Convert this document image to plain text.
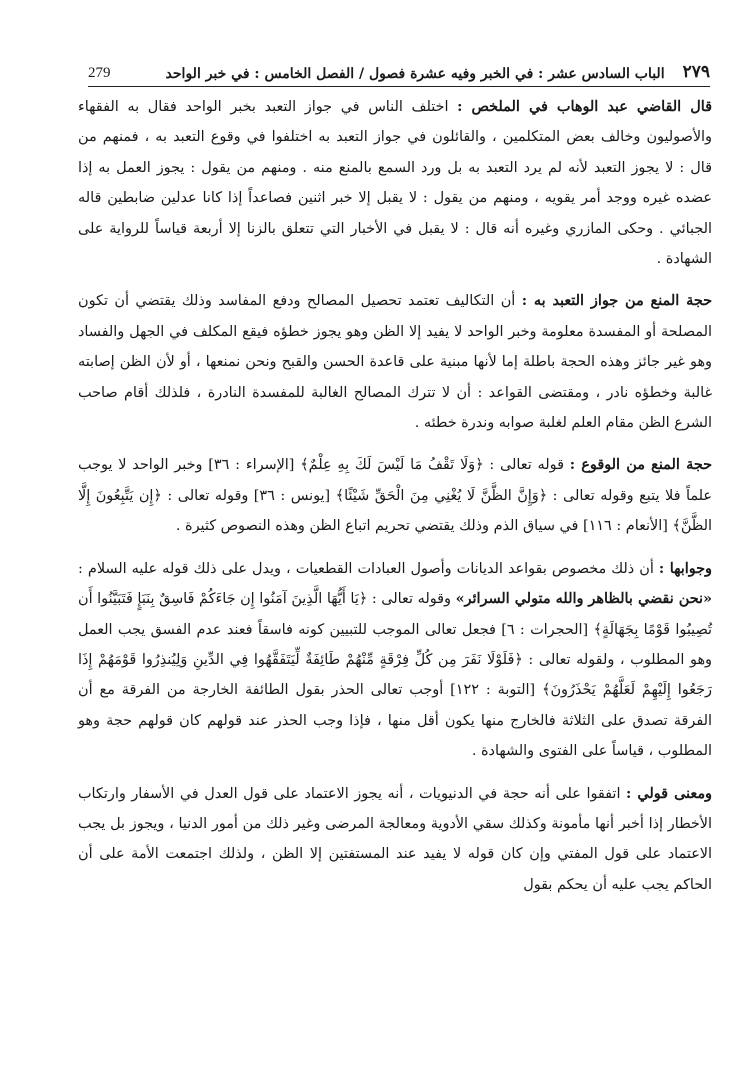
279	الباب السادس عشر : في الخبر وفيه عشرة فصول / الفصل الخامس : في خبر الواحد	٢٧٩

قال القاضي عبد الوهاب في الملخص : اختلف الناس في جواز التعبد بخبر الواحد فقال به الفقهاء والأصوليون وخالف بعض المتكلمين ، والقائلون في جواز التعبد به اختلفوا في وقوع التعبد به ، فمنهم من قال : لا يجوز التعبد لأنه لم يرد التعبد به بل ورد السمع بالمنع منه . ومنهم من يقول : يجوز العمل به إذا عضده غيره ووجد أمر يقويه ، ومنهم من يقول : لا يقبل إلا خبر اثنين فصاعداً إذا كانا عدلين ضابطين قاله الجبائي . وحكى المازري وغيره أنه قال : لا يقبل في الأخبار التي تتعلق بالزنا إلا أربعة قياساً للرواية على الشهادة .

حجة المنع من جواز التعبد به : أن التكاليف تعتمد تحصيل المصالح ودفع المفاسد وذلك يقتضي أن تكون المصلحة أو المفسدة معلومة وخبر الواحد لا يفيد إلا الظن وهو يجوز خطؤه فيقع المكلف في الجهل والفساد وهو غير جائز وهذه الحجة باطلة إما لأنها مبنية على قاعدة الحسن والقبح ونحن نمنعها ، أو لأن الظن إصابته غالبة وخطؤه نادر ، ومقتضى القواعد : أن لا تترك المصالح الغالبة للمفسدة النادرة ، فلذلك أقام صاحب الشرع الظن مقام العلم لغلبة صوابه وندرة خطئه .

حجة المنع من الوقوع : قوله تعالى : ﴿وَلَا تَقْفُ مَا لَيْسَ لَكَ بِهِ عِلْمٌ﴾ [الإسراء : ٣٦] وخبر الواحد لا يوجب علماً فلا يتبع وقوله تعالى : ﴿وَإِنَّ الظَّنَّ لَا يُغْنِي مِنَ الْحَقِّ شَيْئًا﴾ [يونس : ٣٦] وقوله تعالى : ﴿إِن يَتَّبِعُونَ إِلَّا الظَّنَّ﴾ [الأنعام : ١١٦] في سياق الذم وذلك يقتضي تحريم اتباع الظن وهذه النصوص كثيرة .

وجوابها : أن ذلك مخصوص بقواعد الديانات وأصول العبادات القطعيات ، ويدل على ذلك قوله عليه السلام : «نحن نقضي بالظاهر والله متولي السرائر» وقوله تعالى : ﴿يَا أَيُّهَا الَّذِينَ آمَنُوا إِن جَاءَكُمْ فَاسِقٌ بِنَبَإٍ فَتَبَيَّنُوا أَن تُصِيبُوا قَوْمًا بِجَهَالَةٍ﴾ [الحجرات : ٦] فجعل تعالى الموجب للتبيين كونه فاسقاً فعند عدم الفسق يجب العمل وهو المطلوب ، ولقوله تعالى : ﴿فَلَوْلَا نَفَرَ مِن كُلِّ فِرْقَةٍ مِّنْهُمْ طَائِفَةٌ لِّيَتَفَقَّهُوا فِي الدِّينِ وَلِيُنذِرُوا قَوْمَهُمْ إِذَا رَجَعُوا إِلَيْهِمْ لَعَلَّهُمْ يَحْذَرُونَ﴾ [التوبة : ١٢٢] أوجب تعالى الحذر بقول الطائفة الخارجة من الفرقة مع أن الفرقة تصدق على الثلاثة فالخارج منها يكون أقل منها ، فإذا وجب الحذر عند قولهم كان قولهم حجة وهو المطلوب ، قياساً على الفتوى والشهادة .

ومعنى قولي : اتفقوا على أنه حجة في الدنيويات ، أنه يجوز الاعتماد على قول العدل في الأسفار وارتكاب الأخطار إذا أخبر أنها مأمونة وكذلك سقي الأدوية ومعالجة المرضى وغير ذلك من أمور الدنيا ، ويجوز بل يجب الاعتماد على قول المفتي وإن كان قوله لا يفيد عند المستفتين إلا الظن ، ولذلك اجتمعت الأمة على أن الحاكم يجب عليه أن يحكم بقول
